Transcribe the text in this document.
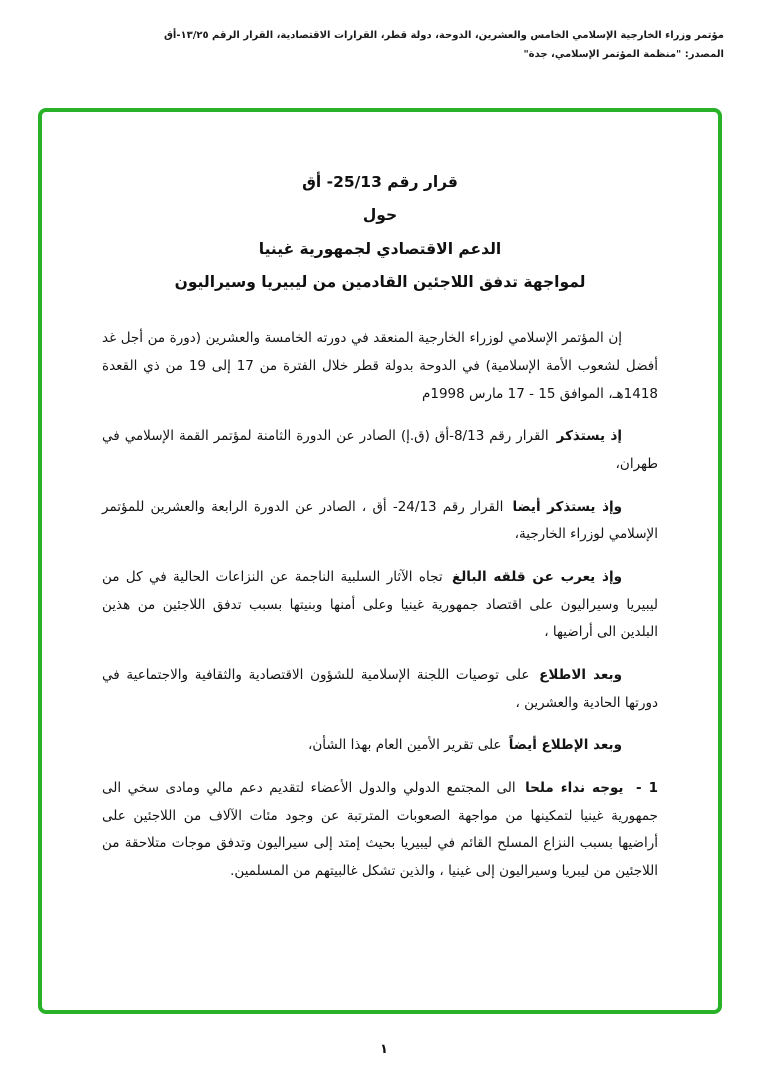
مؤتمر وزراء الخارجية الإسلامي الخامس والعشرين، الدوحة، دولة قطر، القرارات الاقتصادية، القرار الرقم ١٣/٢٥-أق
المصدر: "منظمة المؤتمر الإسلامي، جدة"
قرار رقم 25/13- أق
حول
الدعم الاقتصادي لجمهورية غينيا
لمواجهة تدفق اللاجئين القادمين من ليبيريا وسيراليون

إن المؤتمر الإسلامي لوزراء الخارجية المنعقد في دورته الخامسة والعشرين (دورة من أجل غد أفضل لشعوب الأمة الإسلامية) في الدوحة بدولة قطر خلال الفترة من 17 إلى 19 من ذي القعدة 1418هـ، الموافق 15 - 17 مارس 1998م

إذ يستذكر القرار رقم 8/13-أق (ق.إ) الصادر عن الدورة الثامنة لمؤتمر القمة الإسلامي في طهران،

وإذ يستذكر أيضا القرار رقم 24/13- أق ، الصادر عن الدورة الرابعة والعشرين للمؤتمر الإسلامي لوزراء الخارجية،

وإذ يعرب عن قلقه البالغ تجاه الآثار السلبية الناجمة عن النزاعات الحالية في كل من ليبيريا وسيراليون على اقتصاد جمهورية غينيا وعلى أمنها وبنيتها بسبب تدفق اللاجئين من هذين البلدين الى أراضيها ،

وبعد الاطلاع على توصيات اللجنة الإسلامية للشؤون الاقتصادية والثقافية والاجتماعية في دورتها الحادية والعشرين ،

وبعد الإطلاع أيضاً على تقرير الأمين العام بهذا الشأن،

1 - يوجه نداء ملحا الى المجتمع الدولي والدول الأعضاء لتقديم دعم مالي ومادى سخي الى جمهورية غينيا لتمكينها من مواجهة الصعوبات المترتبة عن وجود مئات الآلاف من اللاجئين على أراضيها بسبب النزاع المسلح القائم في ليبيريا بحيث إمتد إلى سيراليون وتدفق موجات متلاحقة من اللاجئين من ليبريا وسيراليون إلى غينيا ، والذين تشكل غالبيتهم من المسلمين.

١
